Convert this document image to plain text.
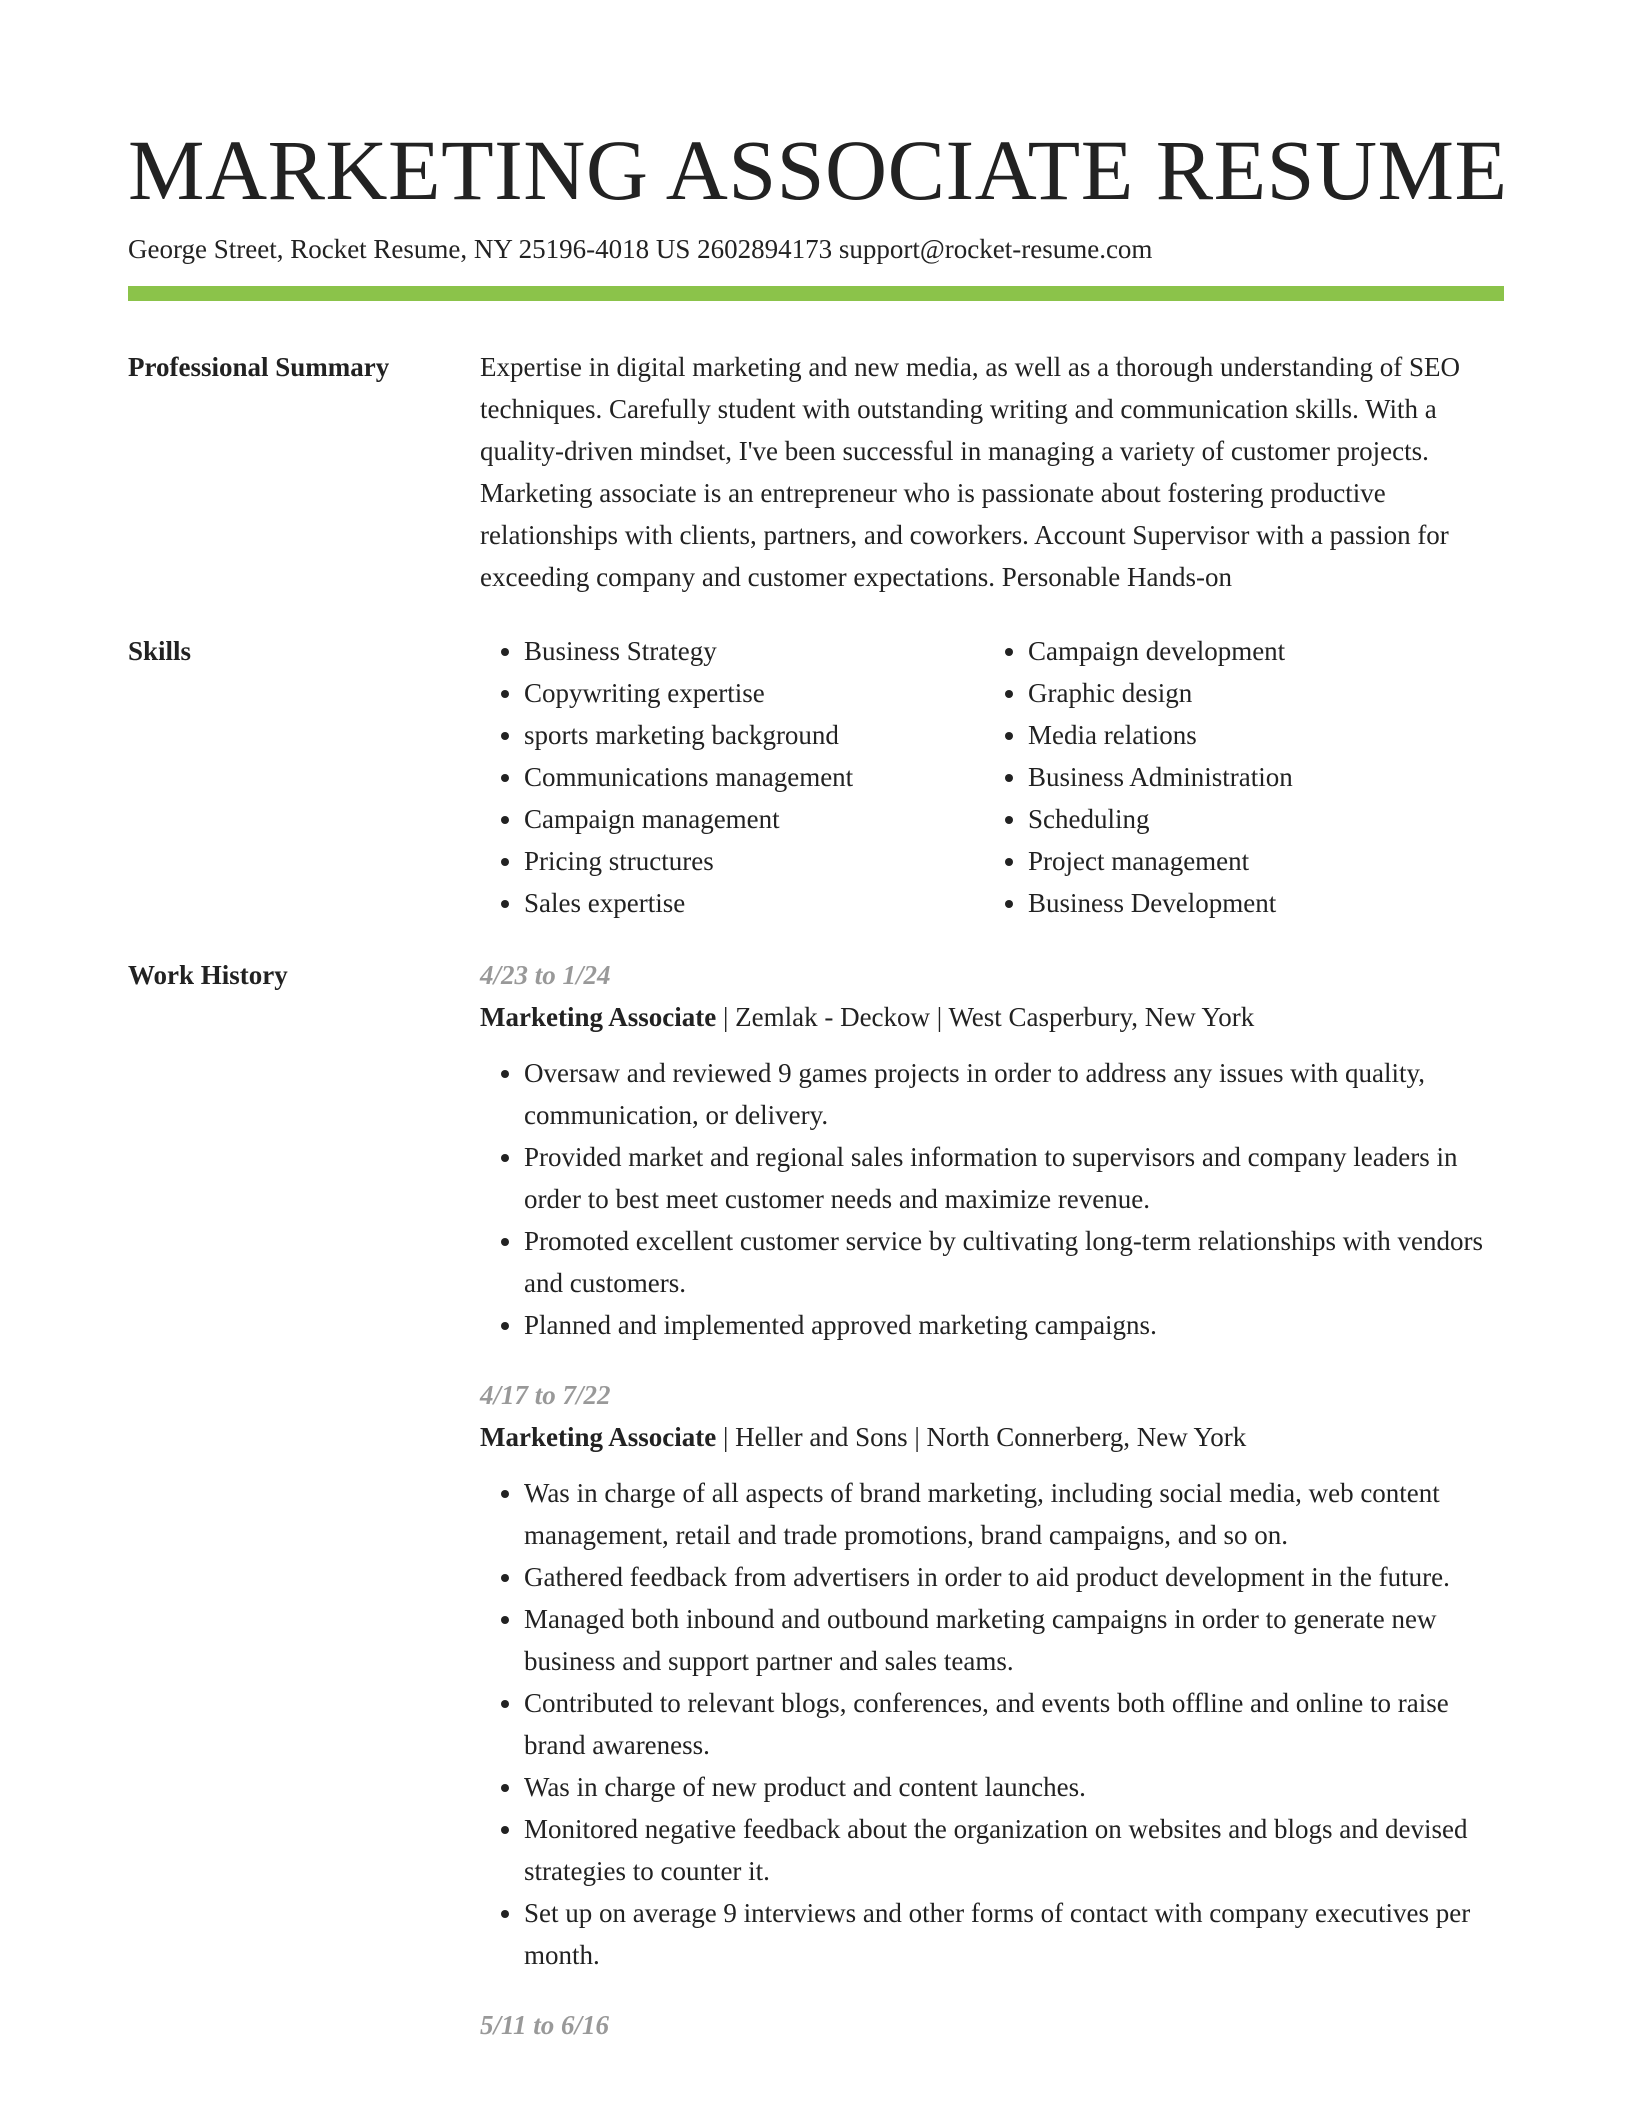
MARKETING ASSOCIATE RESUME
George Street, Rocket Resume, NY 25196-4018 US 2602894173 support@rocket-resume.com
Professional Summary	Expertise in digital marketing and new media, as well as a thorough understanding of SEO techniques. Carefully student with outstanding writing and communication skills. With a quality-driven mindset, I've been successful in managing a variety of customer projects. Marketing associate is an entrepreneur who is passionate about fostering productive relationships with clients, partners, and coworkers. Account Supervisor with a passion for exceeding company and customer expectations. Personable Hands-on

Skills
•	Business Strategy
• Copywriting expertise
• sports marketing background
• Communications management
• Campaign management
• Pricing structures
• Sales expertise
• Campaign development
• Graphic design
• Media relations
• Business Administration
• Scheduling
• Project management
• Business Development
Work History	4/23 to 1/24
Marketing Associate | Zemlak - Deckow | West Casperbury, New York
• Oversaw and reviewed 9 games projects in order to address any issues with quality, communication, or delivery.
• Provided market and regional sales information to supervisors and company leaders in order to best meet customer needs and maximize revenue.
• Promoted excellent customer service by cultivating long-term relationships with vendors and customers.
• Planned and implemented approved marketing campaigns.
4/17 to 7/22
Marketing Associate | Heller and Sons | North Connerberg, New York
• Was in charge of all aspects of brand marketing, including social media, web content management, retail and trade promotions, brand campaigns, and so on.
• Gathered feedback from advertisers in order to aid product development in the future.
• Managed both inbound and outbound marketing campaigns in order to generate new business and support partner and sales teams.
• Contributed to relevant blogs, conferences, and events both offline and online to raise brand awareness.
• Was in charge of new product and content launches.
• Monitored negative feedback about the organization on websites and blogs and devised strategies to counter it.
• Set up on average 9 interviews and other forms of contact with company executives per month.
5/11 to 6/16
